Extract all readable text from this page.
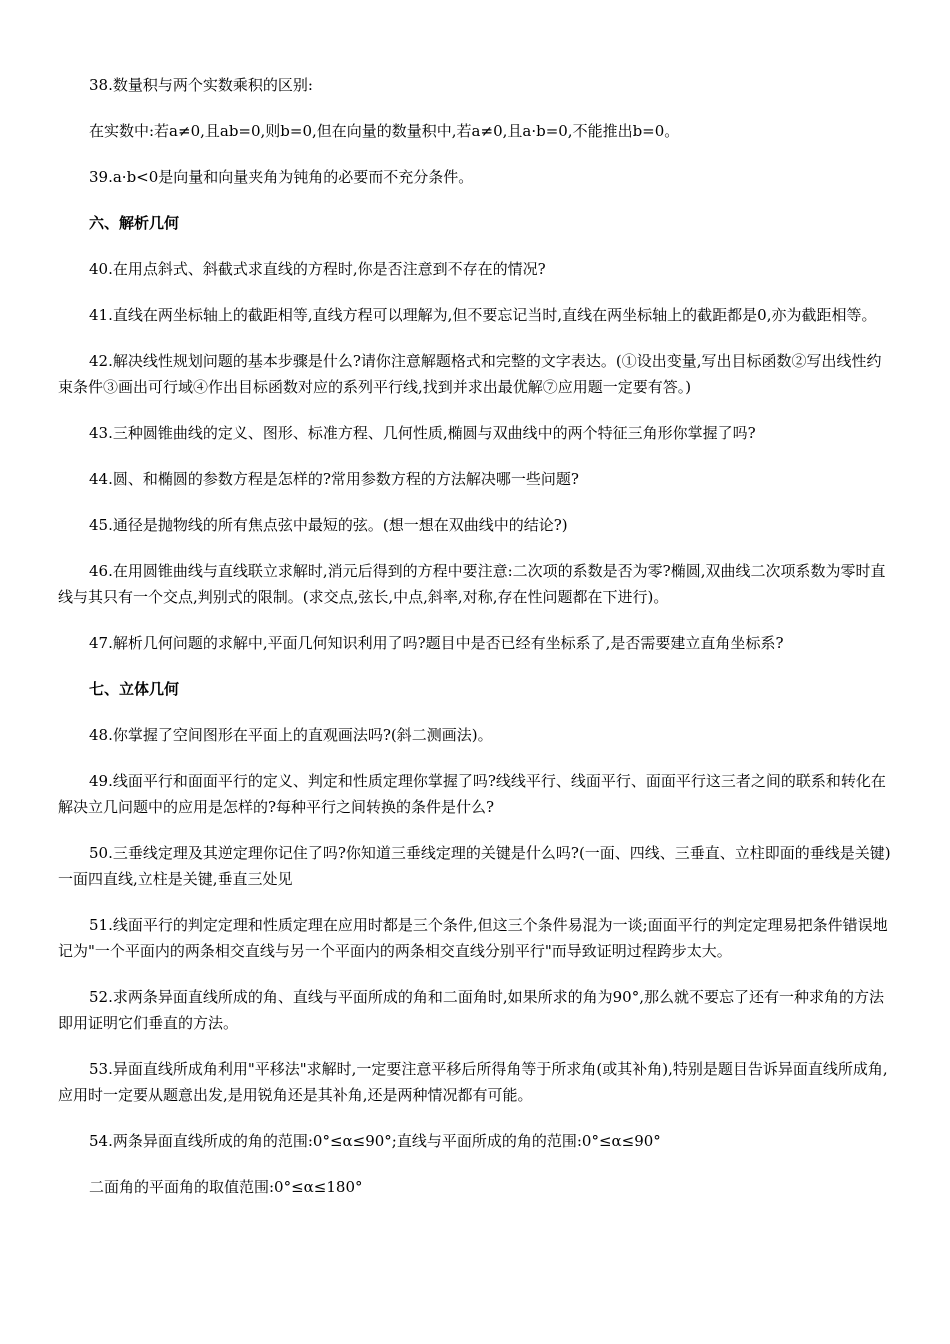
38.数量积与两个实数乘积的区别:

在实数中:若a≠0,且ab=0,则b=0,但在向量的数量积中,若a≠0,且a·b=0,不能推出b=0。

39.a·b<0是向量和向量夹角为钝角的必要而不充分条件。

六、解析几何

40.在用点斜式、斜截式求直线的方程时,你是否注意到不存在的情况?

41.直线在两坐标轴上的截距相等,直线方程可以理解为,但不要忘记当时,直线在两坐标轴上的截距都是0,亦为截距相等。

42.解决线性规划问题的基本步骤是什么?请你注意解题格式和完整的文字表达。(①设出变量,写出目标函数②写出线性约束条件③画出可行域④作出目标函数对应的系列平行线,找到并求出最优解⑦应用题一定要有答。)

43.三种圆锥曲线的定义、图形、标准方程、几何性质,椭圆与双曲线中的两个特征三角形你掌握了吗?

44.圆、和椭圆的参数方程是怎样的?常用参数方程的方法解决哪一些问题?

45.通径是抛物线的所有焦点弦中最短的弦。(想一想在双曲线中的结论?)

46.在用圆锥曲线与直线联立求解时,消元后得到的方程中要注意:二次项的系数是否为零?椭圆,双曲线二次项系数为零时直线与其只有一个交点,判别式的限制。(求交点,弦长,中点,斜率,对称,存在性问题都在下进行)。

47.解析几何问题的求解中,平面几何知识利用了吗?题目中是否已经有坐标系了,是否需要建立直角坐标系?

七、立体几何

48.你掌握了空间图形在平面上的直观画法吗?(斜二测画法)。

49.线面平行和面面平行的定义、判定和性质定理你掌握了吗?线线平行、线面平行、面面平行这三者之间的联系和转化在解决立几问题中的应用是怎样的?每种平行之间转换的条件是什么?

50.三垂线定理及其逆定理你记住了吗?你知道三垂线定理的关键是什么吗?(一面、四线、三垂直、立柱即面的垂线是关键)一面四直线,立柱是关键,垂直三处见

51.线面平行的判定定理和性质定理在应用时都是三个条件,但这三个条件易混为一谈;面面平行的判定定理易把条件错误地记为"一个平面内的两条相交直线与另一个平面内的两条相交直线分别平行"而导致证明过程跨步太大。

52.求两条异面直线所成的角、直线与平面所成的角和二面角时,如果所求的角为90°,那么就不要忘了还有一种求角的方法即用证明它们垂直的方法。

53.异面直线所成角利用"平移法"求解时,一定要注意平移后所得角等于所求角(或其补角),特别是题目告诉异面直线所成角,应用时一定要从题意出发,是用锐角还是其补角,还是两种情况都有可能。

54.两条异面直线所成的角的范围:0°≤α≤90°;直线与平面所成的角的范围:0°≤α≤90°

二面角的平面角的取值范围:0°≤α≤180°
